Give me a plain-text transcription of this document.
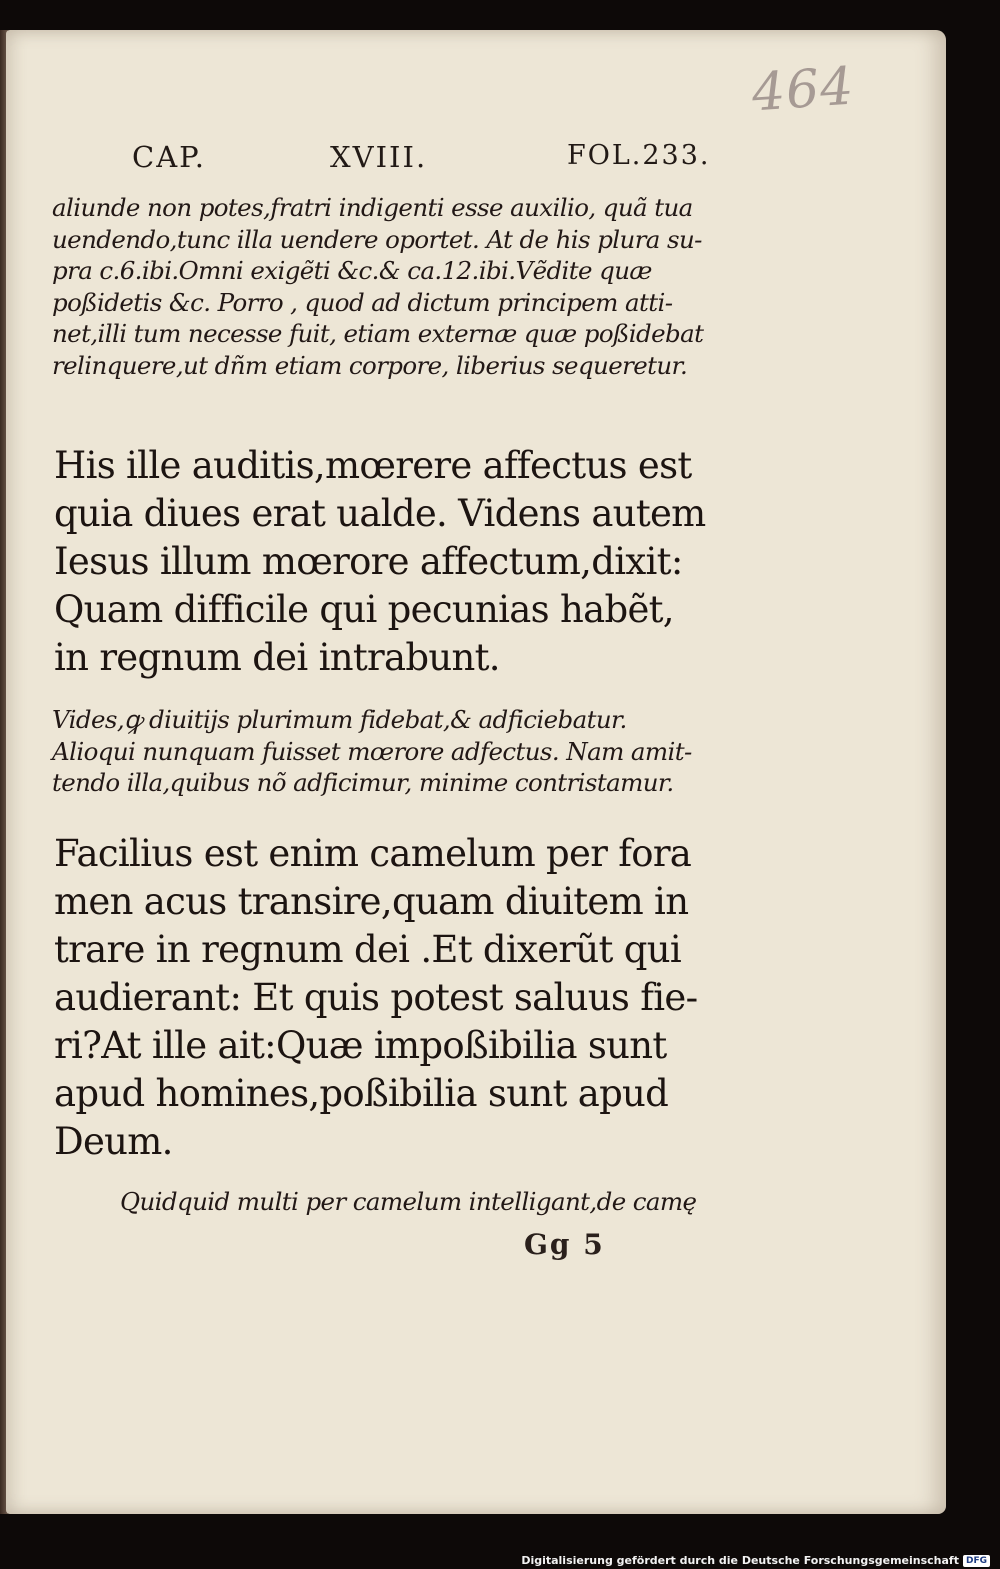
464
CAP.	XVIII.	FOL.233.
aliunde non potes,fratri indigenti esse auxilio, quã tua
uendendo,tunc illa uendere oportet. At de his plura su-
pra c.6.ibi.Omni exigẽti &c.& ca.12.ibi.Vẽdite quæ
poßidetis &c. Porro , quod ad dictum principem atti-
net,illi tum necesse fuit, etiam externæ quæ poßidebat
relinquere,ut dñm etiam corpore, liberius sequeretur.
His ille auditis,mœrere affectus est
quia diues erat ualde. Videns autem
Iesus illum mœrore affectum,dixit:
Quam difficile qui pecunias habẽt,
in regnum dei intrabunt.
Vides,ꝙ diuitijs plurimum fidebat,& adficiebatur.
Alioqui nunquam fuisset mœrore adfectus. Nam amit-
tendo illa,quibus nõ adficimur, minime contristamur.
Facilius est enim camelum per fora
men acus transire,quam diuitem in
trare in regnum dei .Et dixerũt qui
audierant: Et quis potest saluus fie-
ri?At ille ait:Quæ impoßibilia sunt
apud homines,poßibilia sunt apud
Deum.
Quidquid multi per camelum intelligant,de camę
Gg 5
Digitalisierung gefördert durch die Deutsche Forschungsgemeinschaft DFG
